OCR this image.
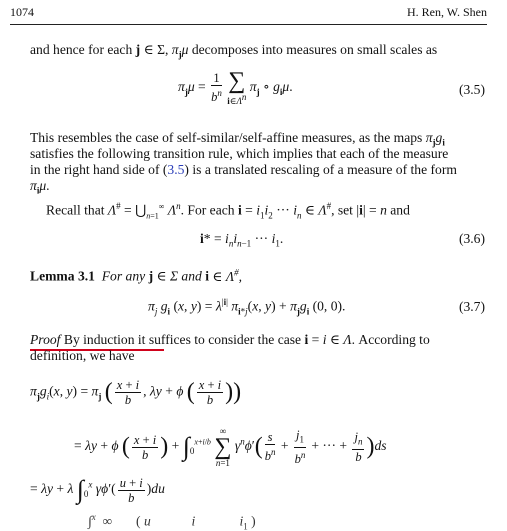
1074	H. Ren, W. Shen
and hence for each j ∈ Σ, $\pi_j\mu$ decomposes into measures on small scales as
$\pi_j\mu = \frac{1}{b^n}$
∑
$i\in\Lambda^n$
$\pi_j$ ∘ $g_i\mu$.	(3.5)
This resembles the case of self-similar/self-affine measures, as the maps $\pi_jg_i$
satisfies the following transition rule, which implies that each of the measure
in the right hand side of (3.5) is a translated rescaling of a measure of the form
$\pi_i\mu$.
Recall that $\Lambda^{\#} = ⋃_{n=1}^\infty$ $\Lambda^n$. For each $i = i_1i_2$ ··· $i_n$ ∈ Λ#, set |i| = n and
$i* = i_ni_{n-1}$ ··· $i_1$.	(3.6)
Lemma 3.1 For any j ∈ Σ and i ∈ Λ#,
$\pi_j$ $g_i$ (x, $y) = \lambda^{|i|}$ $\pi_{i*j}(x$, $y) + \pi_jg_i$ (0, 0).	(3.7)
Proof By induction it suffices to consider the case i = i ∈ Λ. According to
definition, we have
$\pi_jg_i(x$, $y) = \pi_j$ ( $\frac{x + i}{b}$ , λy + ϕ ( $\frac{x + i}{b}$ ))
= λy + ϕ ( $\frac{x + i}{b}$ ) + $\int_0^{x+i/b}$
∞
∑
n=1
$\gamma^n\phi'( \frac{s}{b^n} + \frac{j_1}{b^n}$ + ··· + $\frac{j_n}{b} )ds$
= λy + λ $\int_0^x$ $\gamma\phi'( \frac{u + i}{b} )du$
∫$^x$  ∞       ( u	i	$i_1$ )
